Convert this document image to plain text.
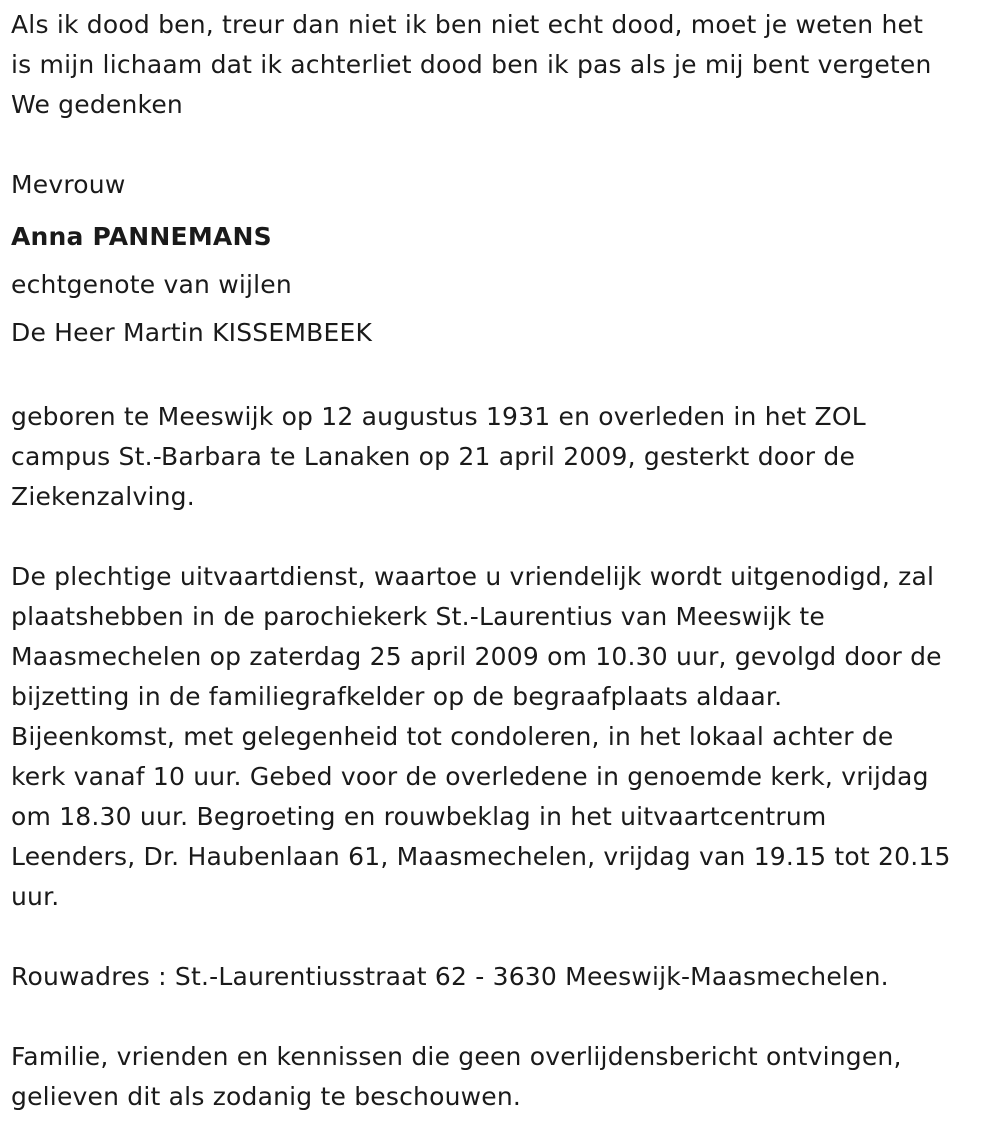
Als ik dood ben, treur dan niet ik ben niet echt dood, moet je weten het
is mijn lichaam dat ik achterliet dood ben ik pas als je mij bent vergeten
We gedenken
Mevrouw
Anna PANNEMANS
echtgenote van wijlen
De Heer Martin KISSEMBEEK
geboren te Meeswijk op 12 augustus 1931 en overleden in het ZOL
campus St.-Barbara te Lanaken op 21 april 2009, gesterkt door de
Ziekenzalving.
De plechtige uitvaartdienst, waartoe u vriendelijk wordt uitgenodigd, zal
plaatshebben in de parochiekerk St.-Laurentius van Meeswijk te
Maasmechelen op zaterdag 25 april 2009 om 10.30 uur, gevolgd door de
bijzetting in de familiegrafkelder op de begraafplaats aldaar.
Bijeenkomst, met gelegenheid tot condoleren, in het lokaal achter de
kerk vanaf 10 uur. Gebed voor de overledene in genoemde kerk, vrijdag
om 18.30 uur. Begroeting en rouwbeklag in het uitvaartcentrum
Leenders, Dr. Haubenlaan 61, Maasmechelen, vrijdag van 19.15 tot 20.15
uur.
Rouwadres : St.-Laurentiusstraat 62 - 3630 Meeswijk-Maasmechelen.
Familie, vrienden en kennissen die geen overlijdensbericht ontvingen,
gelieven dit als zodanig te beschouwen.
